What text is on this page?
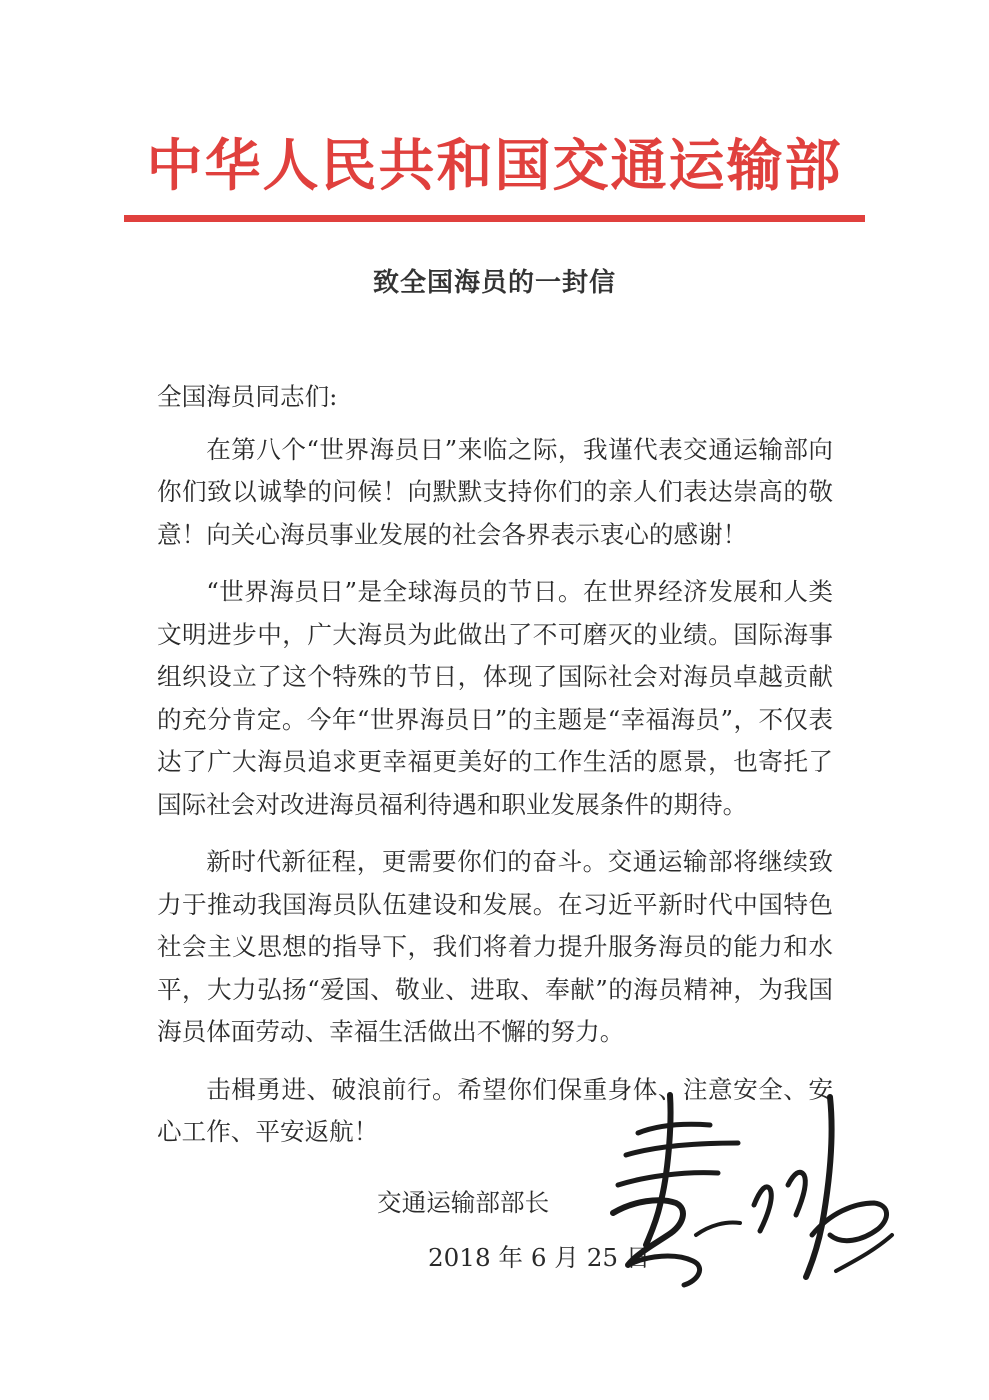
中华人民共和国交通运输部
致全国海员的一封信

全国海员同志们:

在第八个“世界海员日”来临之际，我谨代表交通运输部向你们致以诚挚的问候！向默默支持你们的亲人们表达崇高的敬意！向关心海员事业发展的社会各界表示衷心的感谢！

“世界海员日”是全球海员的节日。在世界经济发展和人类文明进步中，广大海员为此做出了不可磨灭的业绩。国际海事组织设立了这个特殊的节日，体现了国际社会对海员卓越贡献的充分肯定。今年“世界海员日”的主题是“幸福海员”，不仅表达了广大海员追求更幸福更美好的工作生活的愿景，也寄托了国际社会对改进海员福利待遇和职业发展条件的期待。

新时代新征程，更需要你们的奋斗。交通运输部将继续致力于推动我国海员队伍建设和发展。在习近平新时代中国特色社会主义思想的指导下，我们将着力提升服务海员的能力和水平，大力弘扬“爱国、敬业、进取、奉献”的海员精神，为我国海员体面劳动、幸福生活做出不懈的努力。

击楫勇进、破浪前行。希望你们保重身体、注意安全、安心工作、平安返航！

交通运输部部长
2018 年 6 月 25 日
